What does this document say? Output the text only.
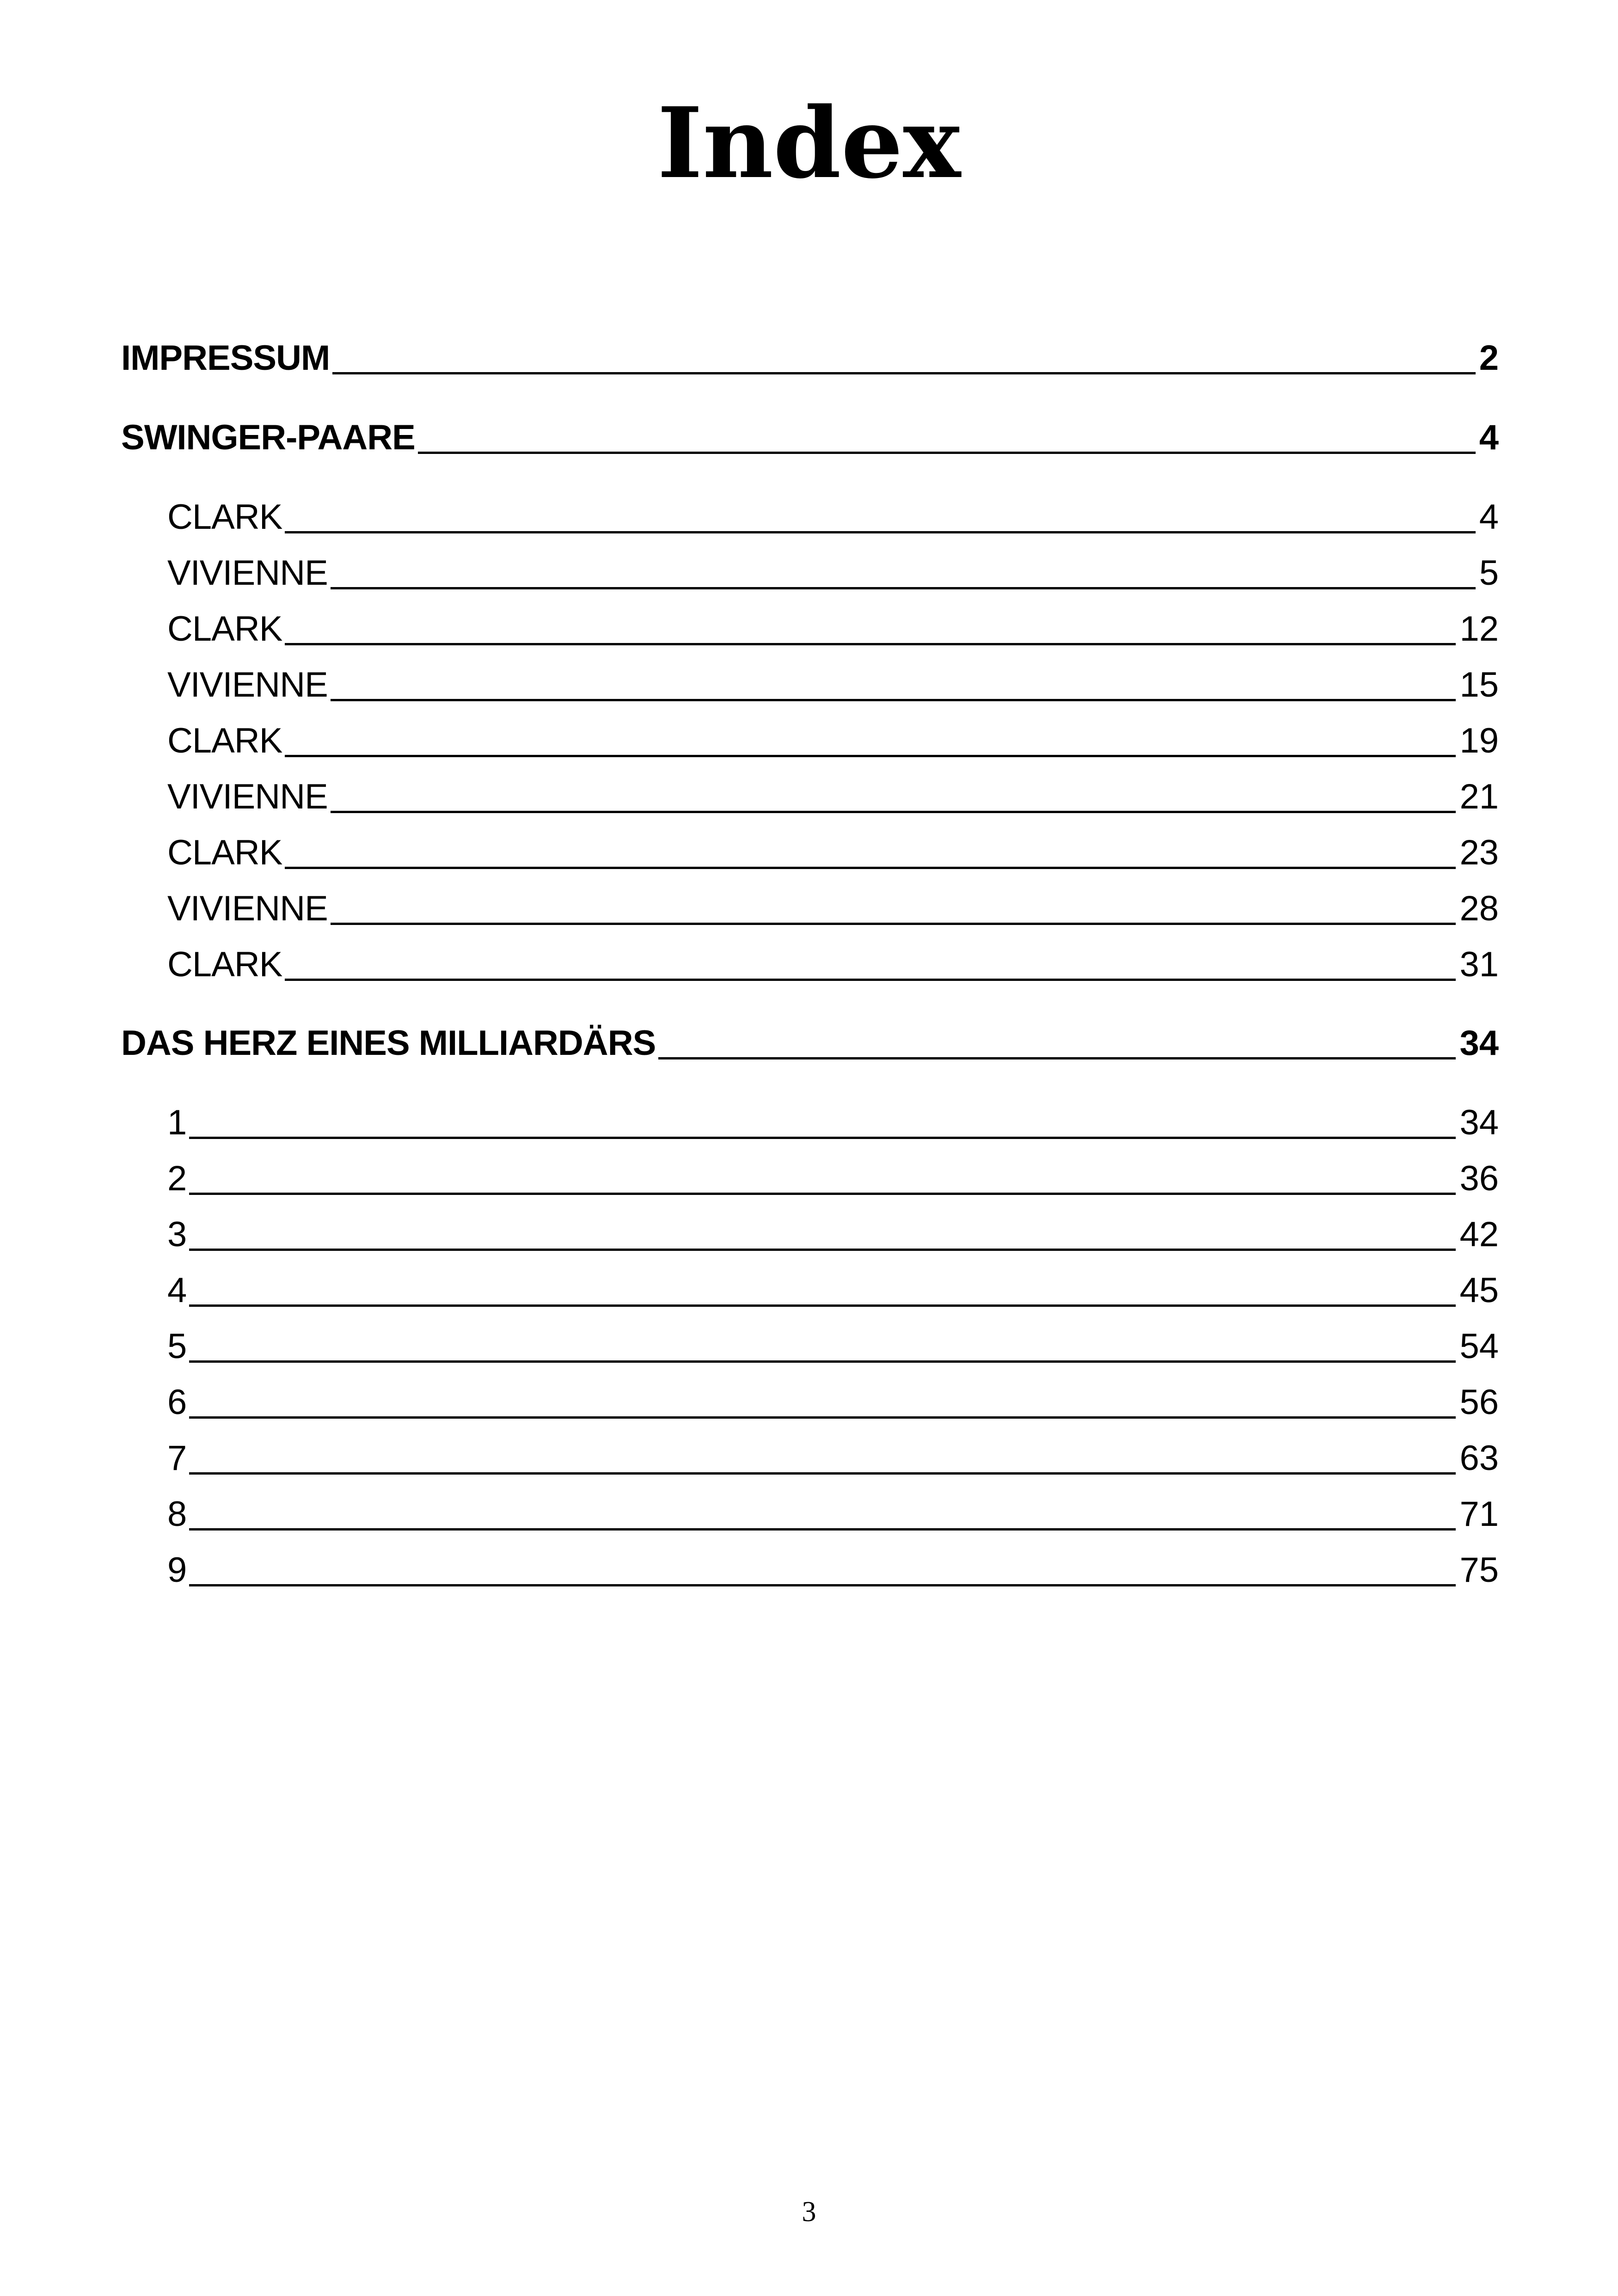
Index
IMPRESSUM	2
SWINGER-PAARE	4
CLARK	4
VIVIENNE	5
CLARK	12
VIVIENNE	15
CLARK	19
VIVIENNE	21
CLARK	23
VIVIENNE	28
CLARK	31
DAS HERZ EINES MILLIARDÄRS	34
1	34
2	36
3	42
4	45
5	54
6	56
7	63
8	71
9	75
3
